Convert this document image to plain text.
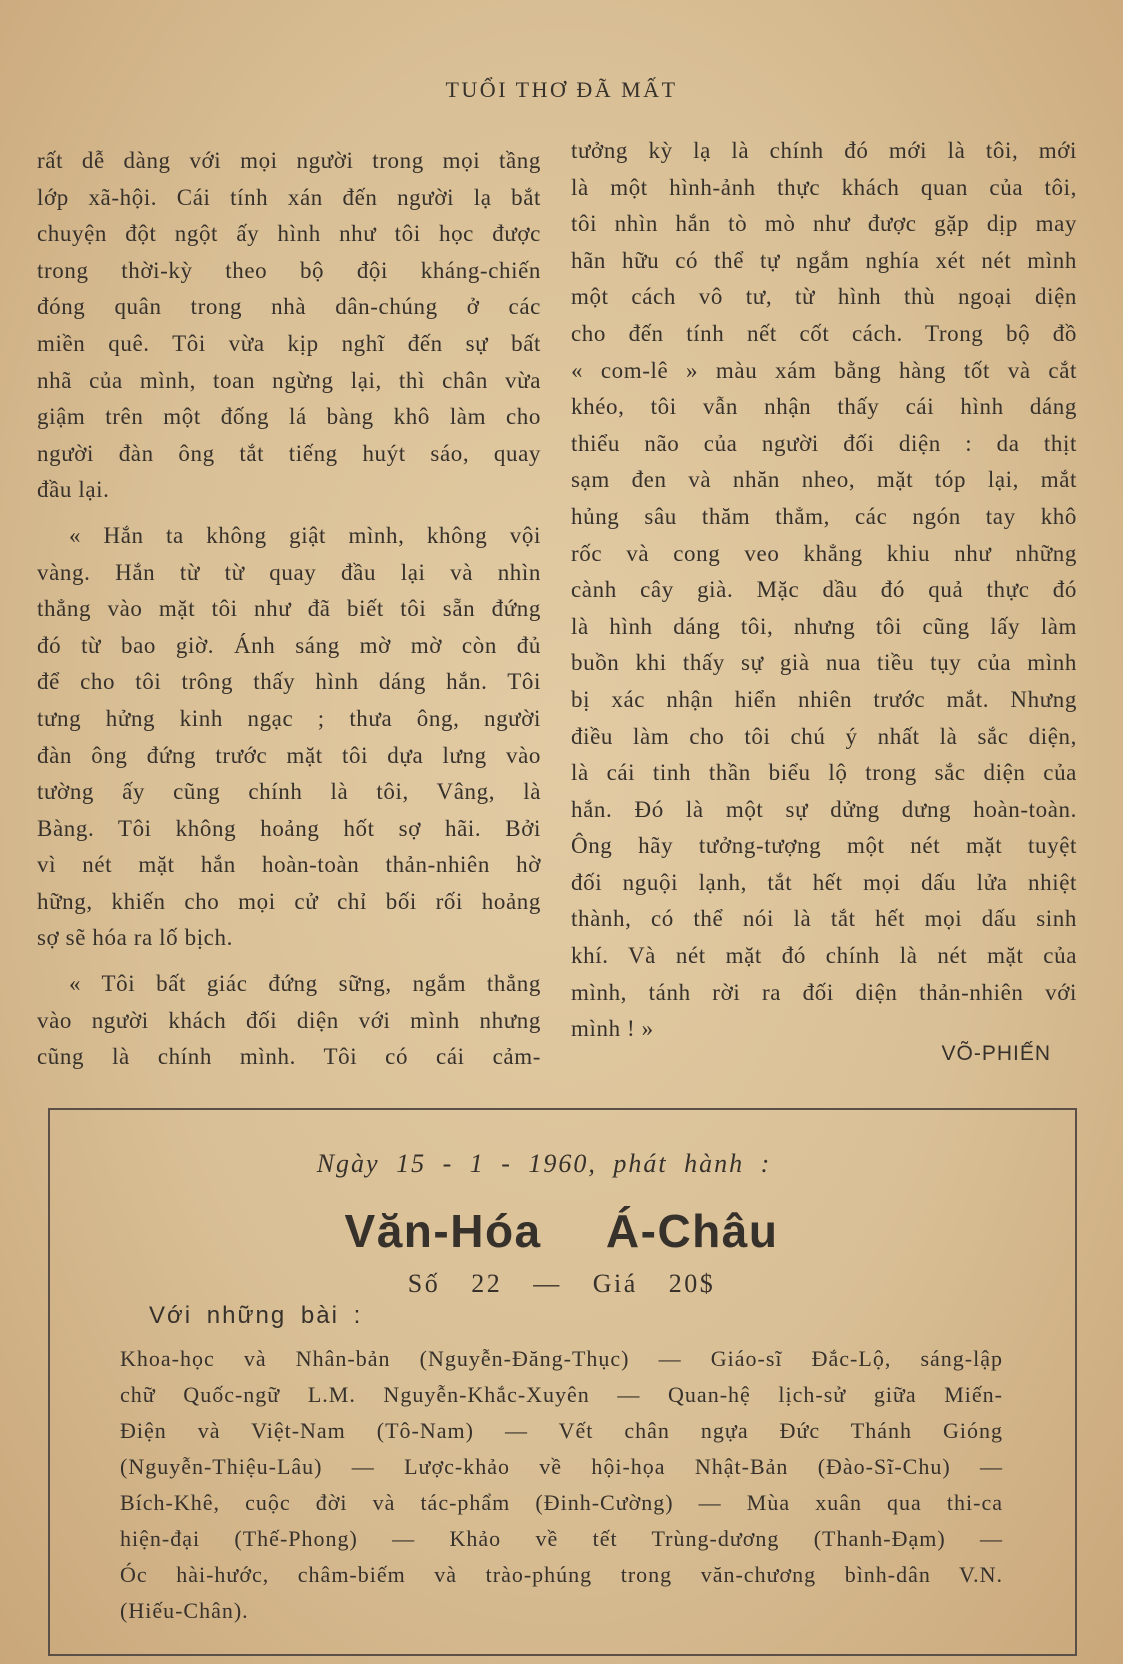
TUỔI THƠ ĐÃ MẤT
rất dễ dàng với mọi người trong mọi tầng
lớp xã-hội. Cái tính xán đến người lạ bắt
chuyện đột ngột ấy hình như tôi học được
trong thời-kỳ theo bộ đội kháng-chiến
đóng quân trong nhà dân-chúng ở các
miền quê. Tôi vừa kịp nghĩ đến sự bất
nhã của mình, toan ngừng lại, thì chân vừa
giậm trên một đống lá bàng khô làm cho
người đàn ông tắt tiếng huýt sáo, quay
đầu lại.
« Hắn ta không giật mình, không vội
vàng. Hắn từ từ quay đầu lại và nhìn
thẳng vào mặt tôi như đã biết tôi sẵn đứng
đó từ bao giờ. Ánh sáng mờ mờ còn đủ
để cho tôi trông thấy hình dáng hắn. Tôi
tưng hửng kinh ngạc ; thưa ông, người
đàn ông đứng trước mặt tôi dựa lưng vào
tường ấy cũng chính là tôi, Vâng, là
Bàng. Tôi không hoảng hốt sợ hãi. Bởi
vì nét mặt hắn hoàn-toàn thản-nhiên hờ
hững, khiến cho mọi cử chỉ bối rối hoảng
sợ sẽ hóa ra lố bịch.
« Tôi bất giác đứng sững, ngắm thẳng
vào người khách đối diện với mình nhưng
cũng là chính mình. Tôi có cái cảm-
tưởng kỳ lạ là chính đó mới là tôi, mới
là một hình-ảnh thực khách quan của tôi,
tôi nhìn hắn tò mò như được gặp dịp may
hãn hữu có thể tự ngắm nghía xét nét mình
một cách vô tư, từ hình thù ngoại diện
cho đến tính nết cốt cách. Trong bộ đồ
« com-lê » màu xám bằng hàng tốt và cắt
khéo, tôi vẫn nhận thấy cái hình dáng
thiểu não của người đối diện : da thịt
sạm đen và nhăn nheo, mặt tóp lại, mắt
hủng sâu thăm thẳm, các ngón tay khô
rốc và cong veo khẳng khiu như những
cành cây già. Mặc dầu đó quả thực đó
là hình dáng tôi, nhưng tôi cũng lấy làm
buồn khi thấy sự già nua tiều tụy của mình
bị xác nhận hiển nhiên trước mắt. Nhưng
điều làm cho tôi chú ý nhất là sắc diện,
là cái tinh thần biểu lộ trong sắc diện của
hắn. Đó là một sự dửng dưng hoàn-toàn.
Ông hãy tưởng-tượng một nét mặt tuyệt
đối nguội lạnh, tắt hết mọi dấu lửa nhiệt
thành, có thể nói là tắt hết mọi dấu sinh
khí. Và nét mặt đó chính là nét mặt của
mình, tánh rời ra đối diện thản-nhiên với
mình ! »
VÕ-PHIẾN
Ngày 15 - 1 - 1960, phát hành :
Văn-Hóa Á-Châu
Số 22 — Giá 20$
Với những bài :
Khoa-học và Nhân-bản (Nguyễn-Đăng-Thục) — Giáo-sĩ Đắc-Lộ, sáng-lập
chữ Quốc-ngữ L.M. Nguyễn-Khắc-Xuyên — Quan-hệ lịch-sử giữa Miến-
Điện và Việt-Nam (Tô-Nam) — Vết chân ngựa Đức Thánh Gióng
(Nguyễn-Thiệu-Lâu) — Lược-khảo về hội-họa Nhật-Bản (Đào-Sĩ-Chu) —
Bích-Khê, cuộc đời và tác-phẩm (Đinh-Cường) — Mùa xuân qua thi-ca
hiện-đại (Thế-Phong) — Khảo về tết Trùng-dương (Thanh-Đạm) —
Óc hài-hước, châm-biếm và trào-phúng trong văn-chương bình-dân V.N.
(Hiếu-Chân).
